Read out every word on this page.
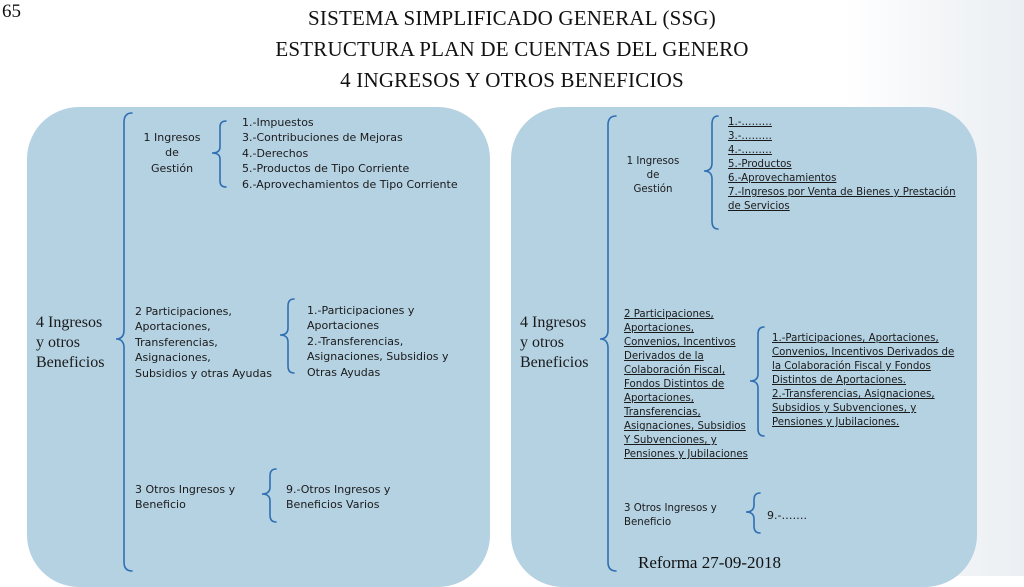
65	SISTEMA SIMPLIFICADO GENERAL (SSG)
ESTRUCTURA PLAN DE CUENTAS DEL GENERO
4 INGRESOS Y OTROS BENEFICIOS
4 Ingresos
y otros
Beneficios
1 Ingresos
de
Gestión
1.-Impuestos
3.-Contribuciones de Mejoras
4.-Derechos
5.-Productos de Tipo Corriente
6.-Aprovechamientos de Tipo Corriente
2 Participaciones,
Aportaciones,
Transferencias,
Asignaciones,
Subsidios y otras Ayudas
1.-Participaciones y
Aportaciones
2.-Transferencias,
Asignaciones, Subsidios y
Otras Ayudas
3 Otros Ingresos y
Beneficio
9.-Otros Ingresos y
Beneficios Varios
4 Ingresos
y otros
Beneficios
1 Ingresos
de
Gestión
1.-………
3.-………
4.-………
5.-Productos
6.-Aprovechamientos
7.-Ingresos por Venta de Bienes y Prestación
de Servicios
2 Participaciones,
Aportaciones,
Convenios, Incentivos
Derivados de la
Colaboración Fiscal,
Fondos Distintos de
Aportaciones,
Transferencias,
Asignaciones, Subsidios
Y Subvenciones, y
Pensiones y Jubilaciones
1.-Participaciones, Aportaciones,
Convenios, Incentivos Derivados de
la Colaboración Fiscal y Fondos
Distintos de Aportaciones.
2.-Transferencias, Asignaciones,
Subsidios y Subvenciones, y
Pensiones y Jubilaciones.
3 Otros Ingresos y
Beneficio
9.-…….
Reforma 27-09-2018
